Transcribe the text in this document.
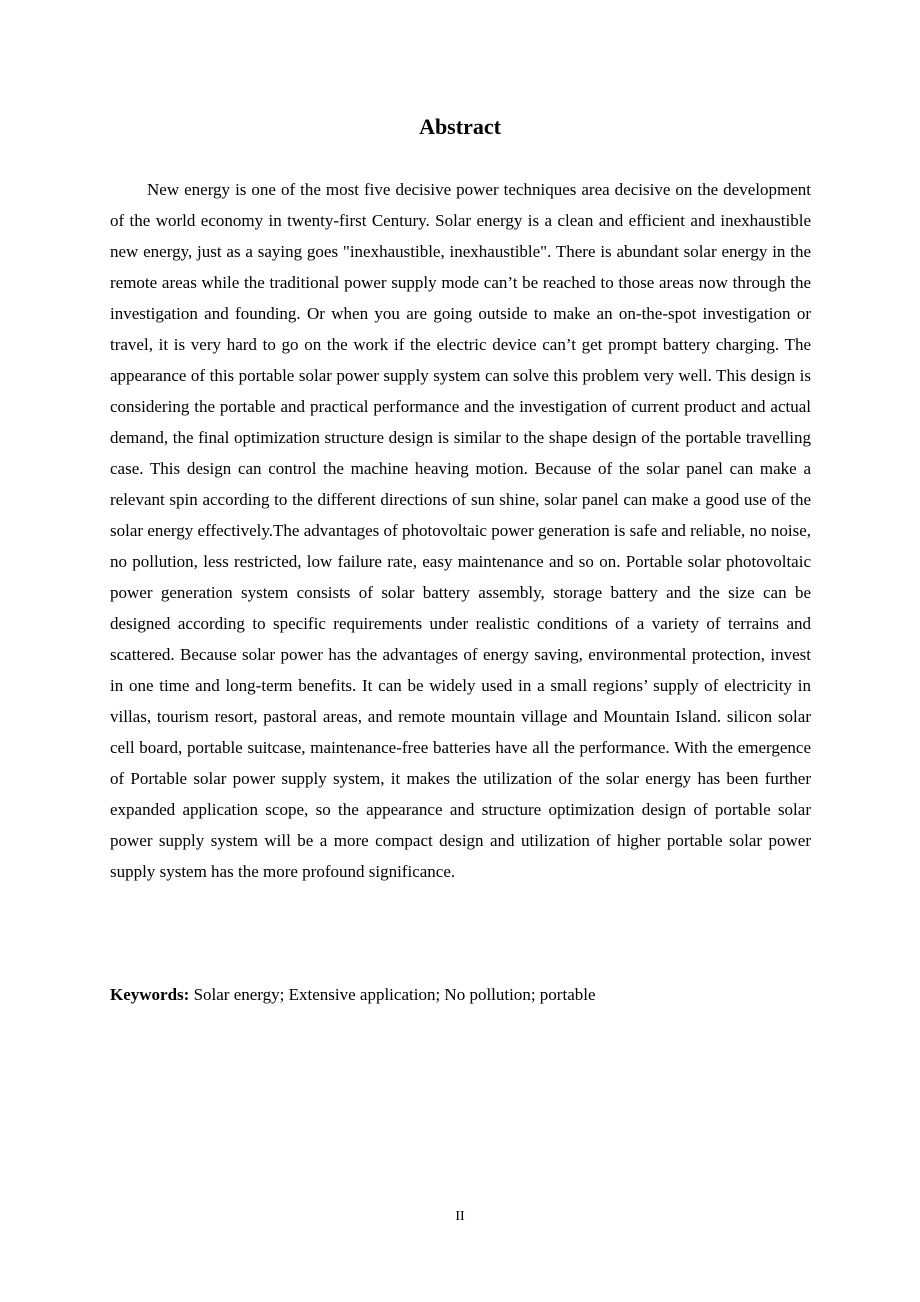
Abstract

New energy is one of the most five decisive power techniques area decisive on the development of the world economy in twenty-first Century. Solar energy is a clean and efficient and inexhaustible new energy, just as a saying goes "inexhaustible, inexhaustible". There is abundant solar energy in the remote areas while the traditional power supply mode can’t be reached to those areas now through the investigation and founding. Or when you are going outside to make an on-the-spot investigation or travel, it is very hard to go on the work if the electric device can’t get prompt battery charging. The appearance of this portable solar power supply system can solve this problem very well. This design is considering the portable and practical performance and the investigation of current product and actual demand, the final optimization structure design is similar to the shape design of the portable travelling case. This design can control the machine heaving motion. Because of the solar panel can make a relevant spin according to the different directions of sun shine, solar panel can make a good use of the solar energy effectively.The advantages of photovoltaic power generation is safe and reliable, no noise, no pollution, less restricted, low failure rate, easy maintenance and so on. Portable solar photovoltaic power generation system consists of solar battery assembly, storage battery and the size can be designed according to specific requirements under realistic conditions of a variety of terrains and scattered. Because solar power has the advantages of energy saving, environmental protection, invest in one time and long-term benefits. It can be widely used in a small regions’ supply of electricity in villas, tourism resort, pastoral areas, and remote mountain village and Mountain Island. silicon solar cell board, portable suitcase, maintenance-free batteries have all the performance. With the emergence of Portable solar power supply system, it makes the utilization of the solar energy has been further expanded application scope, so the appearance and structure optimization design of portable solar power supply system will be a more compact design and utilization of higher portable solar power supply system has the more profound significance.

Keywords: Solar energy; Extensive application; No pollution; portable

II
